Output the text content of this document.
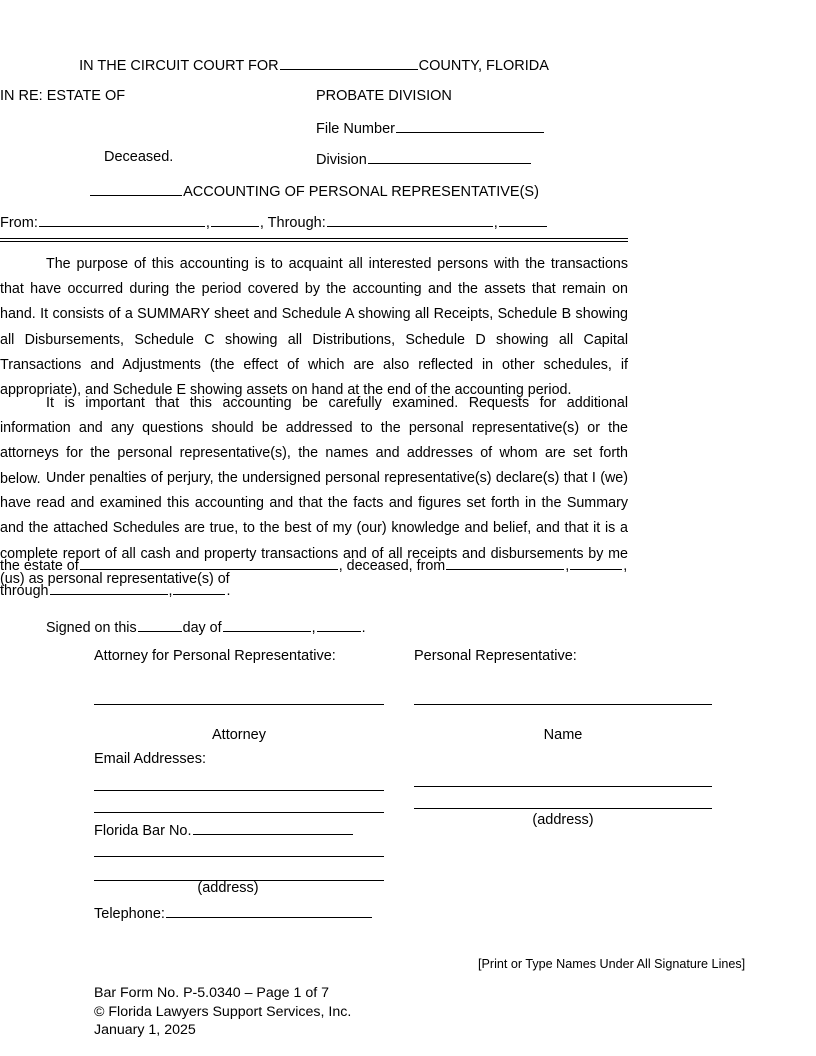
IN THE CIRCUIT COURT FOR	COUNTY, FLORIDA
IN RE: ESTATE OF	PROBATE DIVISION
File Number
Deceased.	Division
ACCOUNTING OF PERSONAL REPRESENTATIVE(S)
From:	,	, Through:	,
The purpose of this accounting is to acquaint all interested persons with the transactions that have occurred during the period covered by the accounting and the assets that remain on hand. It consists of a SUMMARY sheet and Schedule A showing all Receipts, Schedule B showing all Disbursements, Schedule C showing all Distributions, Schedule D showing all Capital Transactions and Adjustments (the effect of which are also reflected in other schedules, if appropriate), and Schedule E showing assets on hand at the end of the accounting period.
It is important that this accounting be carefully examined. Requests for additional information and any questions should be addressed to the personal representative(s) or the attorneys for the personal representative(s), the names and addresses of whom are set forth below. Under penalties of perjury, the undersigned personal representative(s) declare(s) that I (we) have read and examined this accounting and that the facts and figures set forth in the Summary and the attached Schedules are true, to the best of my (our) knowledge and belief, and that it is a complete report of all cash and property transactions and of all receipts and disbursements by me (us) as personal representative(s) of
the estate of	, deceased, from	,	,
through	,	.
Signed on this	day of	,	.
Attorney for Personal Representative:	Personal Representative:
Attorney	Name
Email Addresses:
(address)
Florida Bar No.
(address)
Telephone:
[Print or Type Names Under All Signature Lines]
Bar Form No. P-5.0340 – Page 1 of 7
© Florida Lawyers Support Services, Inc.
January 1, 2025
